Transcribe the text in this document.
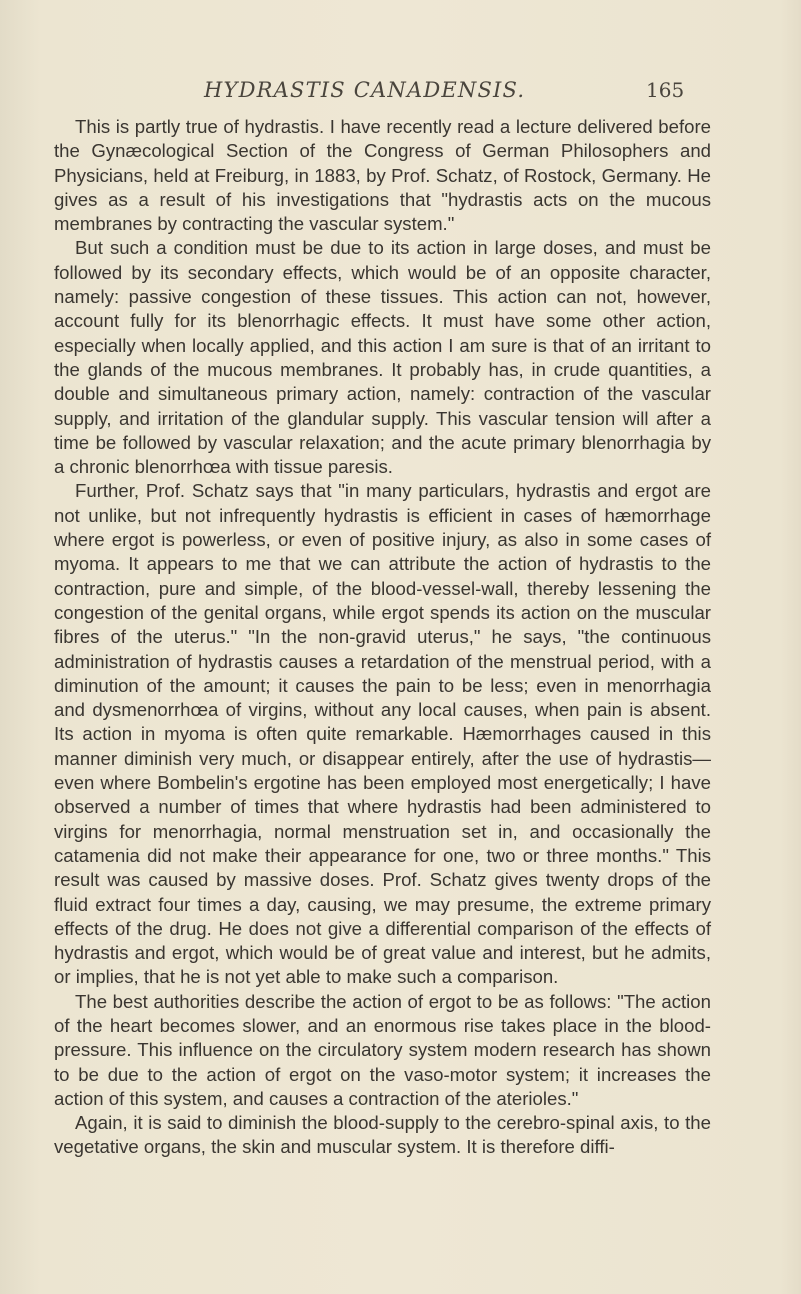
HYDRASTIS CANADENSIS.	165

This is partly true of hydrastis. I have recently read a lecture delivered before the Gynæcological Section of the Congress of German Philosophers and Physicians, held at Freiburg, in 1883, by Prof. Schatz, of Rostock, Germany. He gives as a result of his investigations that "hydrastis acts on the mucous membranes by contracting the vascular system."

But such a condition must be due to its action in large doses, and must be followed by its secondary effects, which would be of an opposite character, namely: passive congestion of these tissues. This action can not, however, account fully for its blenorrhagic effects. It must have some other action, especially when locally applied, and this action I am sure is that of an irritant to the glands of the mucous membranes. It probably has, in crude quantities, a double and simultaneous primary action, namely: contraction of the vascular supply, and irritation of the glandular supply. This vascular tension will after a time be followed by vascular relaxation; and the acute primary blenorrhagia by a chronic blenorrhœa with tissue paresis.

Further, Prof. Schatz says that "in many particulars, hydrastis and ergot are not unlike, but not infrequently hydrastis is efficient in cases of hæmorrhage where ergot is powerless, or even of positive injury, as also in some cases of myoma. It appears to me that we can attribute the action of hydrastis to the contraction, pure and simple, of the blood-vessel-wall, thereby lessening the congestion of the genital organs, while ergot spends its action on the muscular fibres of the uterus." "In the non-gravid uterus," he says, "the continuous administration of hydrastis causes a retardation of the menstrual period, with a diminution of the amount; it causes the pain to be less; even in menorrhagia and dysmenorrhœa of virgins, without any local causes, when pain is absent. Its action in myoma is often quite remarkable. Hæmorrhages caused in this manner diminish very much, or disappear entirely, after the use of hydrastis— even where Bombelin's ergotine has been employed most energetically; I have observed a number of times that where hydrastis had been administered to virgins for menorrhagia, normal menstruation set in, and occasionally the catamenia did not make their appearance for one, two or three months." This result was caused by massive doses. Prof. Schatz gives twenty drops of the fluid extract four times a day, causing, we may presume, the extreme primary effects of the drug. He does not give a differential comparison of the effects of hydrastis and ergot, which would be of great value and interest, but he admits, or implies, that he is not yet able to make such a comparison.

The best authorities describe the action of ergot to be as follows: "The action of the heart becomes slower, and an enormous rise takes place in the blood-pressure. This influence on the circulatory system modern research has shown to be due to the action of ergot on the vaso-motor system; it increases the action of this system, and causes a contraction of the aterioles."

Again, it is said to diminish the blood-supply to the cerebro-spinal axis, to the vegetative organs, the skin and muscular system. It is therefore diffi-
